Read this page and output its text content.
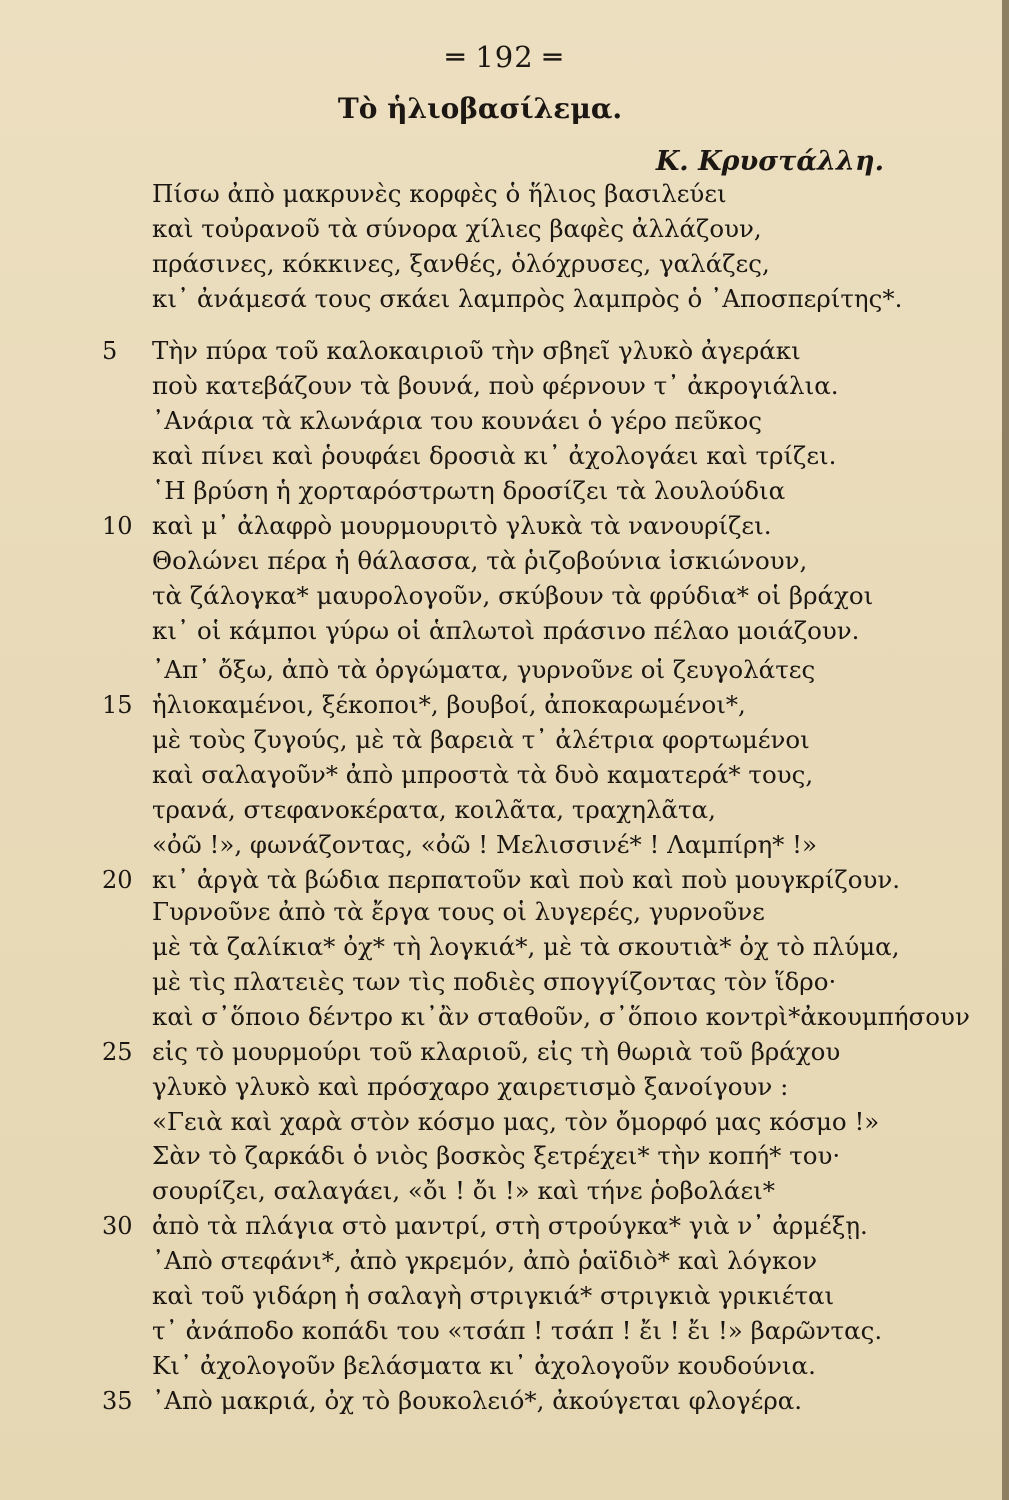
═ 192 ═
Τὸ ἡλιοβασίλεμα.
Κ. Κρυστάλλη.
Πίσω ἀπὸ μακρυνὲς κορφὲς ὁ ἥλιος βασιλεύει
καὶ τοὐρανοῦ τὰ σύνορα χίλιες βαφὲς ἀλλάζουν,
πράσινες, κόκκινες, ξανθές, ὁλόχρυσες, γαλάζες,
κι᾽ ἀνάμεσά τους σκάει λαμπρὸς λαμπρὸς ὁ ᾽Αποσπερίτης*.
Τὴν πύρα τοῦ καλοκαιριοῦ τὴν σβηεῖ γλυκὸ ἀγεράκι
5
ποὺ κατεβάζουν τὰ βουνά, ποὺ φέρνουν τ᾽ ἀκρογιάλια.
᾽Ανάρια τὰ κλωνάρια του κουνάει ὁ γέρο πεῦκος
καὶ πίνει καὶ ῥουφάει δροσιὰ κι᾽ ἀχολογάει καὶ τρίζει.
῾Η βρύση ἡ χορταρόστρωτη δροσίζει τὰ λουλούδια
καὶ μ᾽ ἀλαφρὸ μουρμουριτὸ γλυκὰ τὰ νανουρίζει.
10
Θολώνει πέρα ἡ θάλασσα, τὰ ῥιζοβούνια ἰσκιώνουν,
τὰ ζάλογκα* μαυρολογοῦν, σκύβουν τὰ φρύδια* οἱ βράχοι
κι᾽ οἱ κάμποι γύρω οἱ ἁπλωτοὶ πράσινο πέλαο μοιάζουν.
᾽Απ᾽ ὄξω, ἀπὸ τὰ ὀργώματα, γυρνοῦνε οἱ ζευγολάτες
ἡλιοκαμένοι, ξέκοποι*, βουβοί, ἀποκαρωμένοι*,
15
μὲ τοὺς ζυγούς, μὲ τὰ βαρειὰ τ᾽ ἀλέτρια φορτωμένοι
καὶ σαλαγοῦν* ἀπὸ μπροστὰ τὰ δυὸ καματερά* τους,
τρανά, στεφανοκέρατα, κοιλᾶτα, τραχηλᾶτα,
«ὀῶ !», φωνάζοντας, «ὀῶ ! Μελισσινέ* ! Λαμπίρη* !»
κι᾽ ἀργὰ τὰ βώδια περπατοῦν καὶ ποὺ καὶ ποὺ μουγκρίζουν.
20
Γυρνοῦνε ἀπὸ τὰ ἔργα τους οἱ λυγερές, γυρνοῦνε
μὲ τὰ ζαλίκια* ὀχ* τὴ λογκιά*, μὲ τὰ σκουτιὰ* ὀχ τὸ πλύμα,
μὲ τὶς πλατειὲς των τὶς ποδιὲς σπογγίζοντας τὸν ἵδρο·
καὶ σ᾽ὅποιο δέντρο κι᾽ἂν σταθοῦν, σ᾽ὅποιο κοντρὶ*ἀκουμπήσουν
εἰς τὸ μουρμούρι τοῦ κλαριοῦ, εἰς τὴ θωριὰ τοῦ βράχου
25
γλυκὸ γλυκὸ καὶ πρόσχαρο χαιρετισμὸ ξανοίγουν :
«Γειὰ καὶ χαρὰ στὸν κόσμο μας, τὸν ὄμορφό μας κόσμο !»
Σὰν τὸ ζαρκάδι ὁ νιὸς βοσκὸς ξετρέχει* τὴν κοπή* του·
σουρίζει, σαλαγάει, «ὄι ! ὄι !» καὶ τήνε ῥοβολάει*
ἀπὸ τὰ πλάγια στὸ μαντρί, στὴ στρούγκα* γιὰ ν᾽ ἀρμέξῃ.
30
᾽Απὸ στεφάνι*, ἀπὸ γκρεμόν, ἀπὸ ῥαϊδιὸ* καὶ λόγκον
καὶ τοῦ γιδάρη ἡ σαλαγὴ στριγκιά* στριγκιὰ γρικιέται
τ᾽ ἀνάποδο κοπάδι του «τσάπ ! τσάπ ! ἔι ! ἔι !» βαρῶντας.
Κι᾽ ἀχολογοῦν βελάσματα κι᾽ ἀχολογοῦν κουδούνια.
᾽Απὸ μακριά, ὀχ τὸ βουκολειό*, ἀκούγεται φλογέρα.
35
